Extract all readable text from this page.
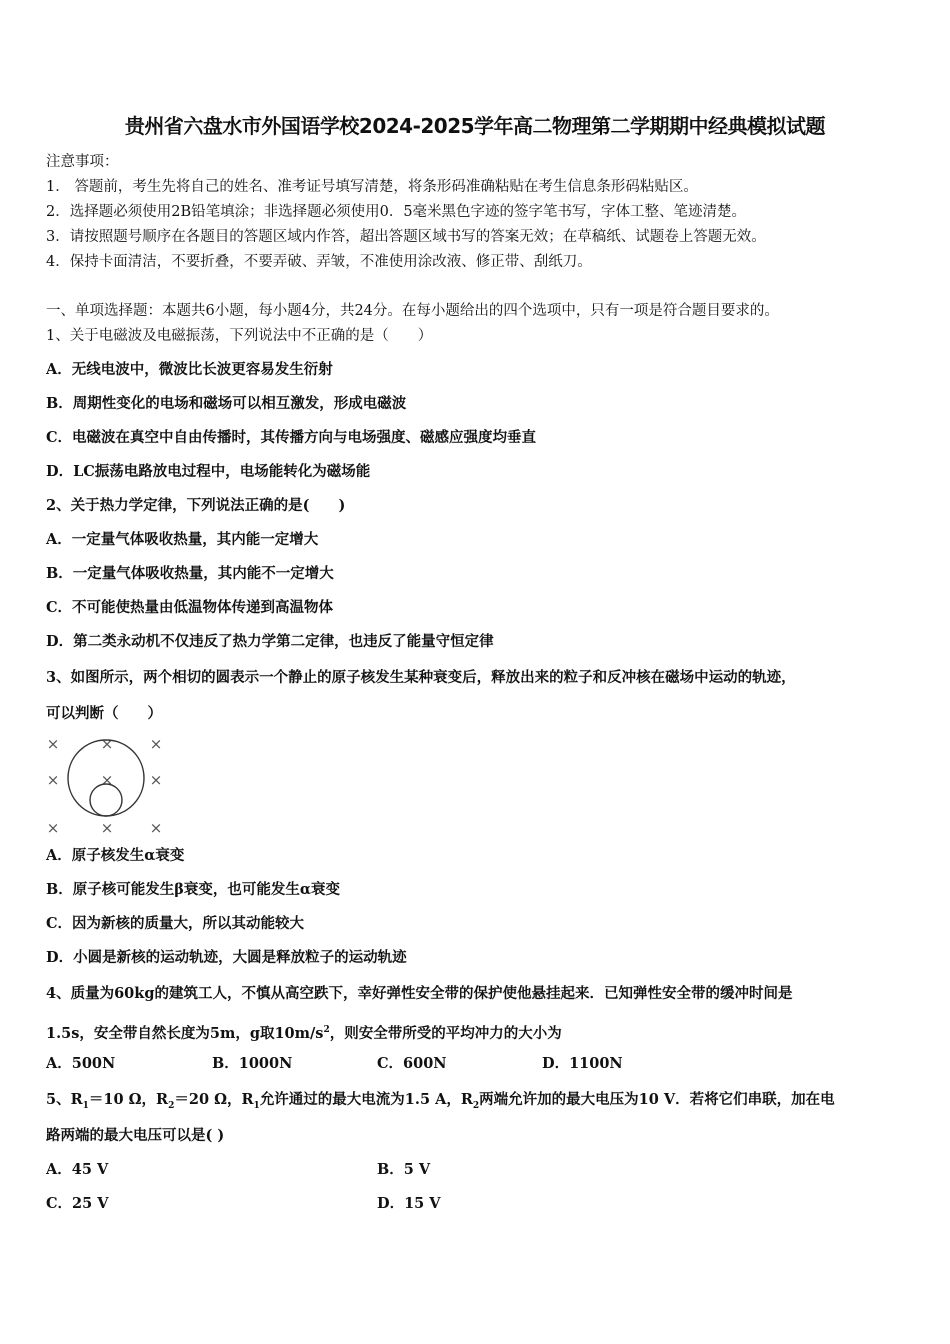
贵州省六盘水市外国语学校2024-2025学年高二物理第二学期期中经典模拟试题
注意事项：
1． 答题前，考生先将自己的姓名、准考证号填写清楚，将条形码准确粘贴在考生信息条形码粘贴区。
2．选择题必须使用2B铅笔填涂；非选择题必须使用0．5毫米黑色字迹的签字笔书写，字体工整、笔迹清楚。
3．请按照题号顺序在各题目的答题区域内作答，超出答题区域书写的答案无效；在草稿纸、试题卷上答题无效。
4．保持卡面清洁，不要折叠，不要弄破、弄皱，不准使用涂改液、修正带、刮纸刀。
一、单项选择题：本题共6小题，每小题4分，共24分。在每小题给出的四个选项中，只有一项是符合题目要求的。
1、关于电磁波及电磁振荡，下列说法中不正确的是（　　）
A．无线电波中，微波比长波更容易发生衍射
B．周期性变化的电场和磁场可以相互激发，形成电磁波
C．电磁波在真空中自由传播时，其传播方向与电场强度、磁感应强度均垂直
D．LC振荡电路放电过程中，电场能转化为磁场能
2、关于热力学定律，下列说法正确的是(　　)
A．一定量气体吸收热量，其内能一定增大
B．一定量气体吸收热量，其内能不一定增大
C．不可能使热量由低温物体传递到高温物体
D．第二类永动机不仅违反了热力学第二定律，也违反了能量守恒定律
3、如图所示，两个相切的圆表示一个静止的原子核发生某种衰变后，释放出来的粒子和反冲核在磁场中运动的轨迹，
可以判断（　　）
×	× ×
×	× ×
×	× ×
A．原子核发生α衰变
B．原子核可能发生β衰变，也可能发生α衰变
C．因为新核的质量大，所以其动能较大
D．小圆是新核的运动轨迹，大圆是释放粒子的运动轨迹
4、质量为60kg的建筑工人，不慎从高空跌下，幸好弹性安全带的保护使他悬挂起来．已知弹性安全带的缓冲时间是
1.5s，安全带自然长度为5m，g取$10m/s^2$，则安全带所受的平均冲力的大小为
A．500N	B．1000N	C．600N	D．1100N
5、$R_1=10$ Ω，$R_2=20$ Ω，$R_1$允许通过的最大电流为1.5 A，$R_2$两端允许加的最大电压为10 V．若将它们串联，加在电
路两端的最大电压可以是( )
A．45 V	B．5 V
C．25 V	D．15 V
